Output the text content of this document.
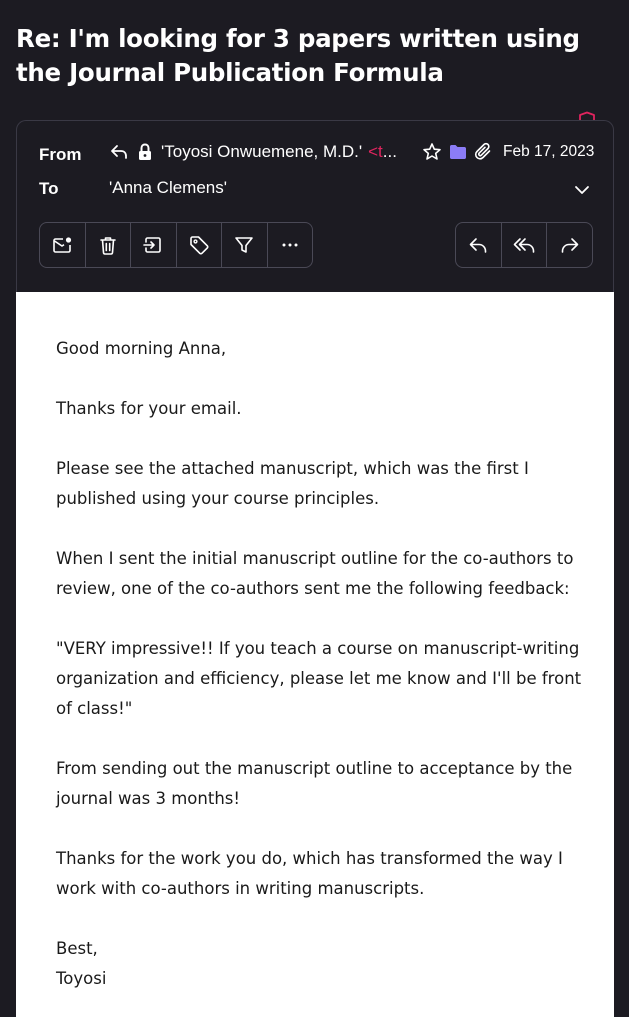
Re: I'm looking for 3 papers written using the Journal Publication Formula
From
To
'Toyosi Onwuemene, M.D.' <t ...	Feb 17, 2023
'Anna Clemens'

Good morning Anna,

Thanks for your email.

Please see the attached manuscript, which was the first I published using your course principles.

When I sent the initial manuscript outline for the co-authors to review, one of the co-authors sent me the following feedback:

"VERY impressive!! If you teach a course on manuscript-writing organization and efficiency, please let me know and I'll be front of class!"

From sending out the manuscript outline to acceptance by the journal was 3 months!

Thanks for the work you do, which has transformed the way I work with co-authors in writing manuscripts.

Best,

Toyosi
